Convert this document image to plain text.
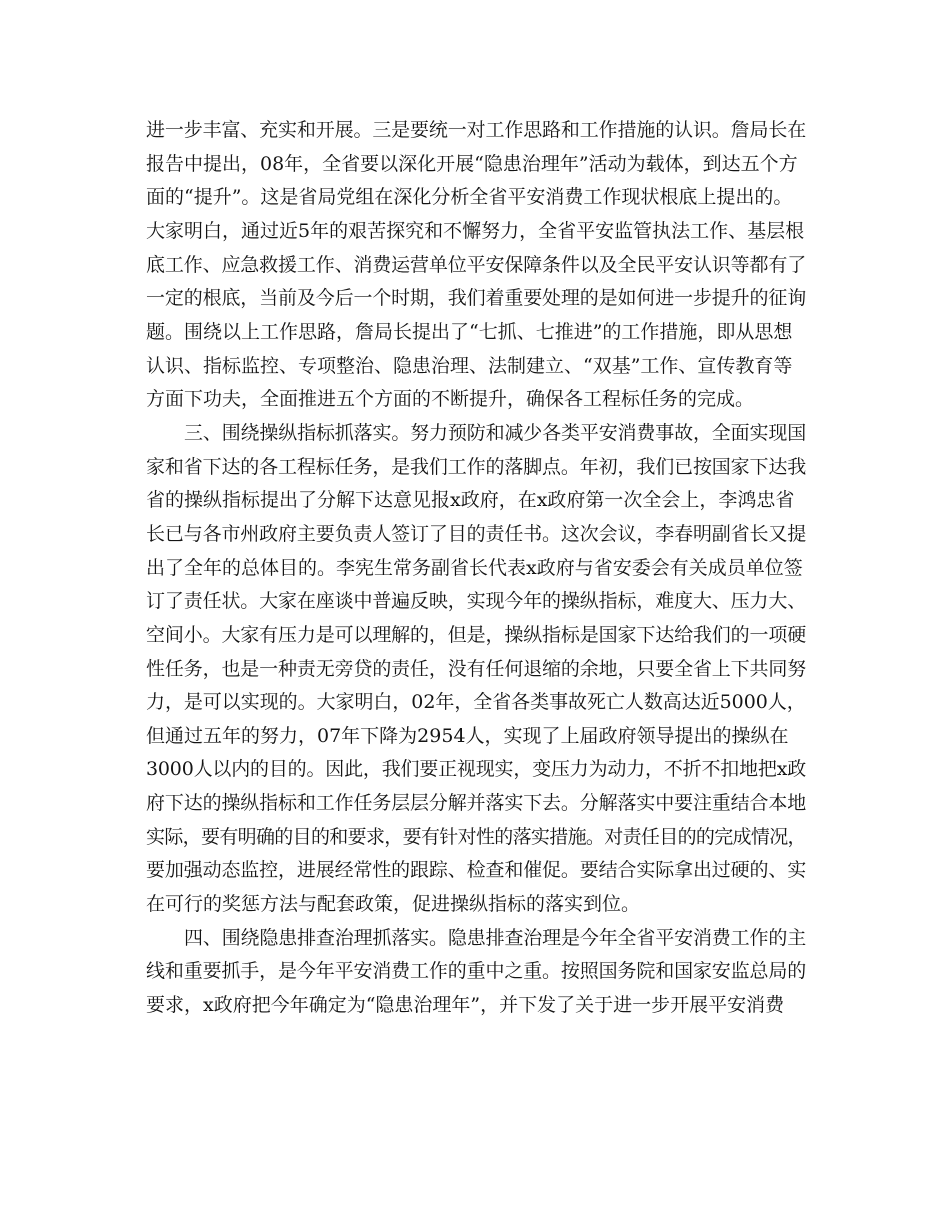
进一步丰富、充实和开展。三是要统一对工作思路和工作措施的认识。詹局长在
报告中提出，08年，全省要以深化开展“隐患治理年”活动为载体，到达五个方
面的“提升”。这是省局党组在深化分析全省平安消费工作现状根底上提出的。
大家明白，通过近5年的艰苦探究和不懈努力，全省平安监管执法工作、基层根
底工作、应急救援工作、消费运营单位平安保障条件以及全民平安认识等都有了
一定的根底，当前及今后一个时期，我们着重要处理的是如何进一步提升的征询
题。围绕以上工作思路，詹局长提出了“七抓、七推进”的工作措施，即从思想
认识、指标监控、专项整治、隐患治理、法制建立、“双基”工作、宣传教育等
方面下功夫，全面推进五个方面的不断提升，确保各工程标任务的完成。
三、围绕操纵指标抓落实。努力预防和减少各类平安消费事故，全面实现国
家和省下达的各工程标任务，是我们工作的落脚点。年初，我们已按国家下达我
省的操纵指标提出了分解下达意见报x政府，在x政府第一次全会上，李鸿忠省
长已与各市州政府主要负责人签订了目的责任书。这次会议，李春明副省长又提
出了全年的总体目的。李宪生常务副省长代表x政府与省安委会有关成员单位签
订了责任状。大家在座谈中普遍反映，实现今年的操纵指标，难度大、压力大、
空间小。大家有压力是可以理解的，但是，操纵指标是国家下达给我们的一项硬
性任务，也是一种责无旁贷的责任，没有任何退缩的余地，只要全省上下共同努
力，是可以实现的。大家明白，02年，全省各类事故死亡人数高达近5000人，
但通过五年的努力，07年下降为2954人，实现了上届政府领导提出的操纵在
3000人以内的目的。因此，我们要正视现实，变压力为动力，不折不扣地把x政
府下达的操纵指标和工作任务层层分解并落实下去。分解落实中要注重结合本地
实际，要有明确的目的和要求，要有针对性的落实措施。对责任目的的完成情况，
要加强动态监控，进展经常性的跟踪、检查和催促。要结合实际拿出过硬的、实
在可行的奖惩方法与配套政策，促进操纵指标的落实到位。
四、围绕隐患排查治理抓落实。隐患排查治理是今年全省平安消费工作的主
线和重要抓手，是今年平安消费工作的重中之重。按照国务院和国家安监总局的
要求，x政府把今年确定为“隐患治理年”，并下发了关于进一步开展平安消费
